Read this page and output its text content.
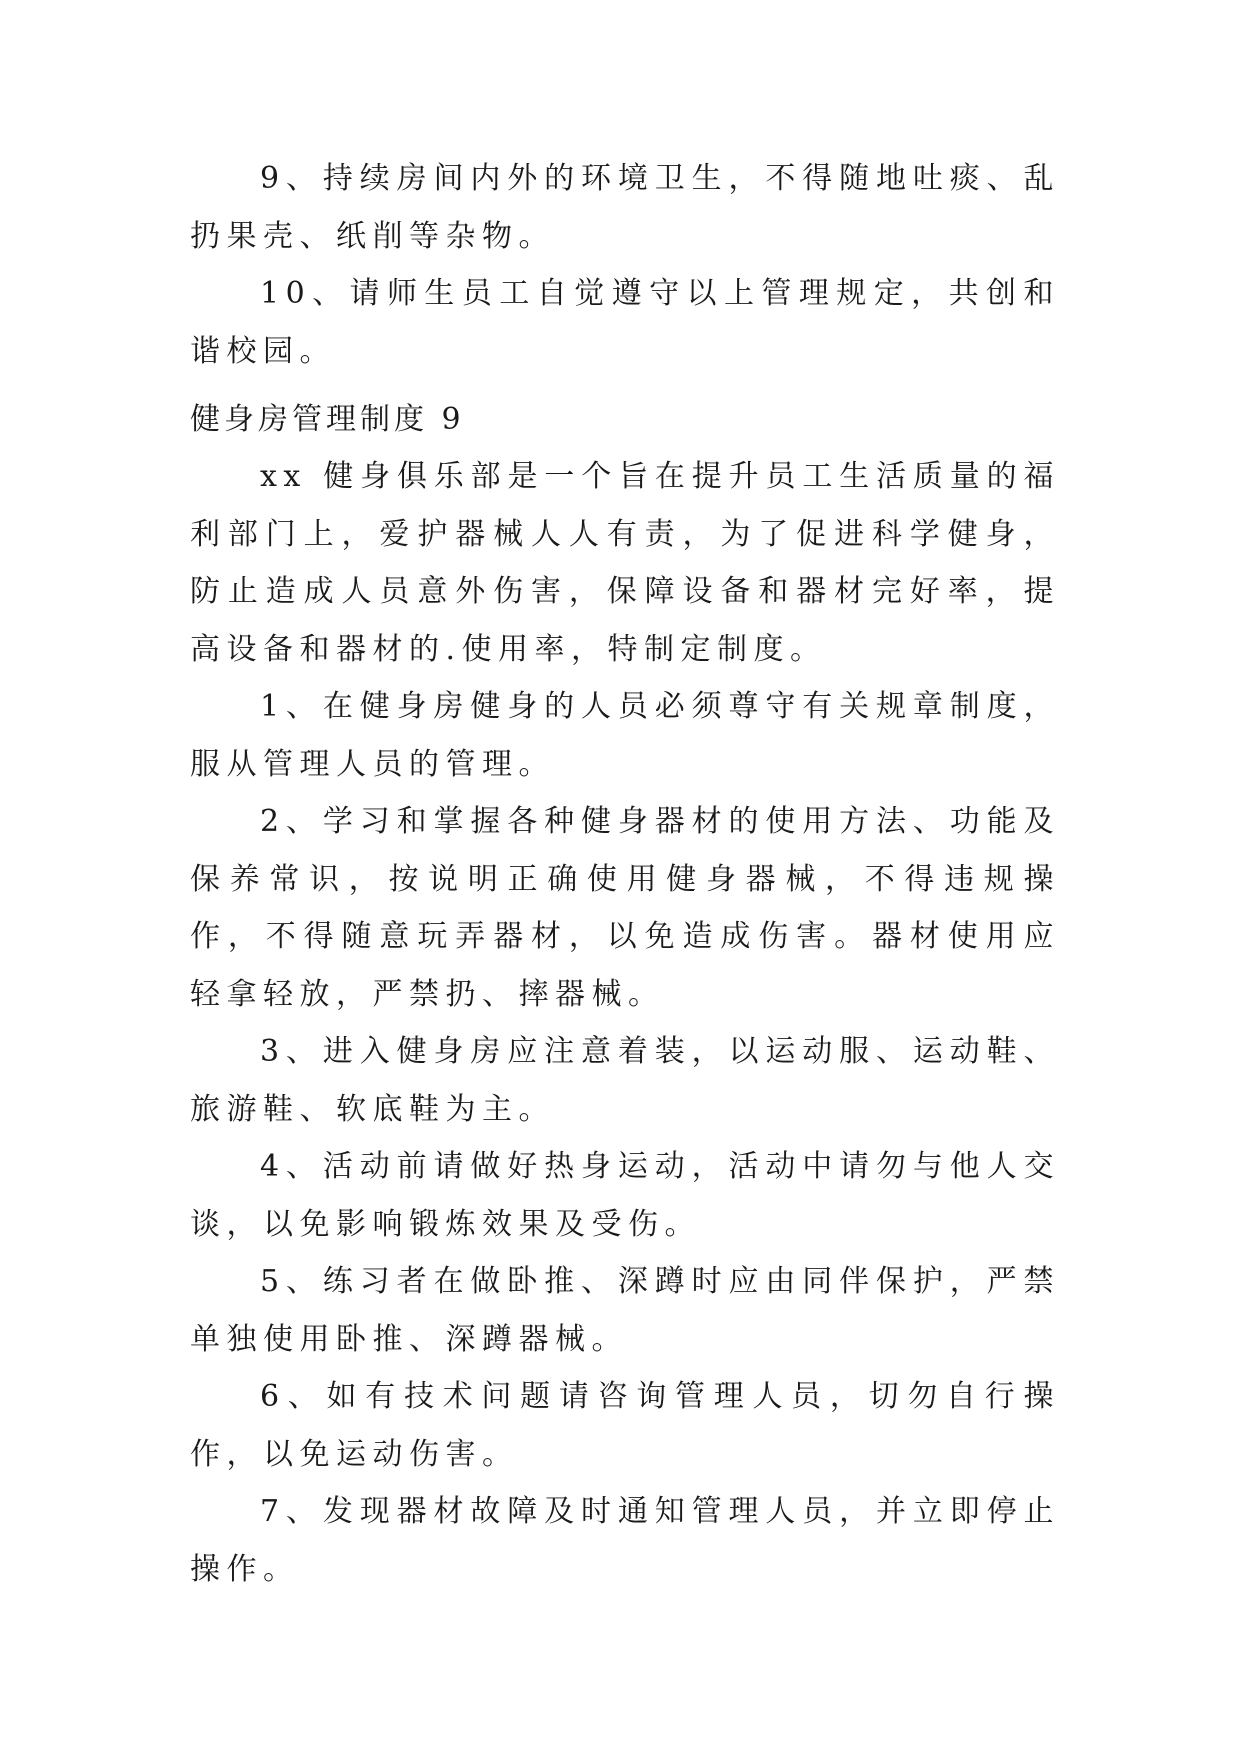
9、持续房间内外的环境卫生，不得随地吐痰、乱扔果壳、纸削等杂物。

10、请师生员工自觉遵守以上管理规定，共创和谐校园。

健身房管理制度 9

xx 健身俱乐部是一个旨在提升员工生活质量的福利部门上，爱护器械人人有责，为了促进科学健身，防止造成人员意外伤害，保障设备和器材完好率，提高设备和器材的.使用率，特制定制度。

1、在健身房健身的人员必须尊守有关规章制度，服从管理人员的管理。

2、学习和掌握各种健身器材的使用方法、功能及保养常识，按说明正确使用健身器械，不得违规操作，不得随意玩弄器材，以免造成伤害。器材使用应轻拿轻放，严禁扔、摔器械。

3、进入健身房应注意着装，以运动服、运动鞋、旅游鞋、软底鞋为主。

4、活动前请做好热身运动，活动中请勿与他人交谈，以免影响锻炼效果及受伤。

5、练习者在做卧推、深蹲时应由同伴保护，严禁单独使用卧推、深蹲器械。

6、如有技术问题请咨询管理人员，切勿自行操作，以免运动伤害。

7、发现器材故障及时通知管理人员，并立即停止操作。
